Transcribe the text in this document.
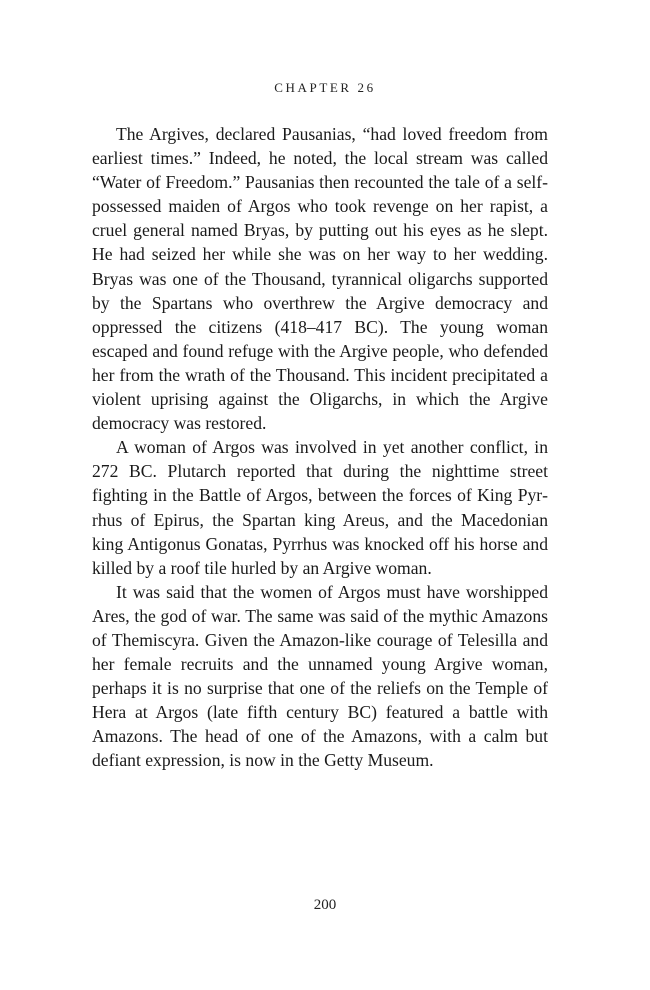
CHAPTER 26

The Argives, declared Pausanias, “had loved freedom from earliest times.” Indeed, he noted, the local stream was called “Water of Freedom.” Pausanias then recounted the tale of a self-possessed maiden of Argos who took revenge on her rapist, a cruel general named Bryas, by putting out his eyes as he slept. He had seized her while she was on her way to her wedding. Bryas was one of the Thousand, tyrannical oligarchs supported by the Spartans who overthrew the Argive democracy and oppressed the citizens (418–417 BC). The young woman escaped and found refuge with the Argive people, who defended her from the wrath of the Thousand. This incident precipitated a violent uprising against the Oligarchs, in which the Argive democracy was restored.

A woman of Argos was involved in yet another conflict, in 272 BC. Plutarch reported that during the nighttime street fighting in the Battle of Argos, between the forces of King Pyrrhus of Epirus, the Spartan king Areus, and the Macedonian king Antigonus Gonatas, Pyrrhus was knocked off his horse and killed by a roof tile hurled by an Argive woman.

It was said that the women of Argos must have worshipped Ares, the god of war. The same was said of the mythic Amazons of Themiscyra. Given the Amazon-like courage of Telesilla and her female recruits and the unnamed young Argive woman, perhaps it is no surprise that one of the reliefs on the Temple of Hera at Argos (late fifth century BC) featured a battle with Amazons. The head of one of the Amazons, with a calm but defiant expression, is now in the Getty Museum.

200
